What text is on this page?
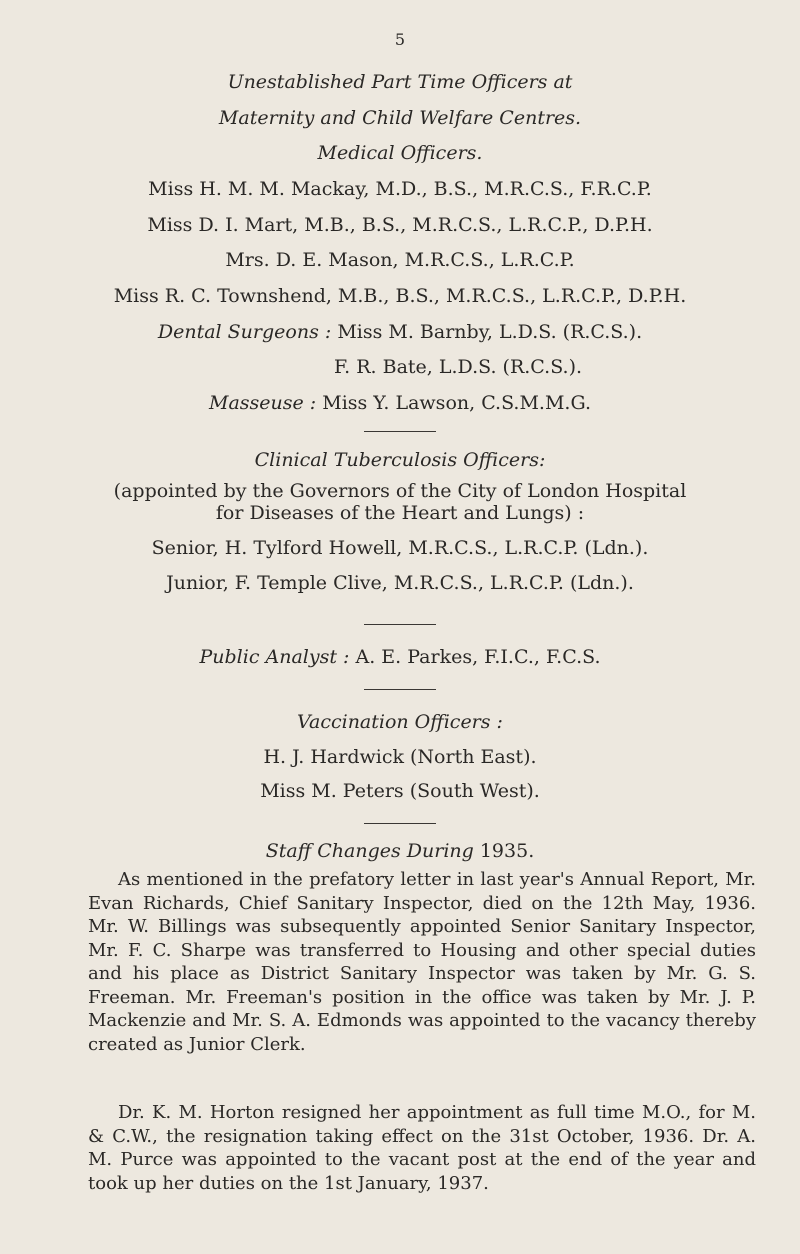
5
Unestablished Part Time Officers at
Maternity and Child Welfare Centres.
Medical Officers.
Miss H. M. M. Mackay, M.D., B.S., M.R.C.S., F.R.C.P.
Miss D. I. Mart, M.B., B.S., M.R.C.S., L.R.C.P., D.P.H.
Mrs. D. E. Mason, M.R.C.S., L.R.C.P.
Miss R. C. Townshend, M.B., B.S., M.R.C.S., L.R.C.P., D.P.H.
Dental Surgeons : Miss M. Barnby, L.D.S. (R.C.S.).
F. R. Bate, L.D.S. (R.C.S.).
Masseuse : Miss Y. Lawson, C.S.M.M.G.
Clinical Tuberculosis Officers:
(appointed by the Governors of the City of London Hospital
for Diseases of the Heart and Lungs) :
Senior, H. Tylford Howell, M.R.C.S., L.R.C.P. (Ldn.).
Junior, F. Temple Clive, M.R.C.S., L.R.C.P. (Ldn.).
Public Analyst : A. E. Parkes, F.I.C., F.C.S.
Vaccination Officers :
H. J. Hardwick (North East).
Miss M. Peters (South West).
Staff Changes During 1935.
As mentioned in the prefatory letter in last year's Annual Report, Mr. Evan Richards, Chief Sanitary Inspector, died on the 12th May, 1936. Mr. W. Billings was subsequently appointed Senior Sanitary Inspector, Mr. F. C. Sharpe was transferred to Housing and other special duties and his place as District Sanitary Inspector was taken by Mr. G. S. Freeman. Mr. Freeman's position in the office was taken by Mr. J. P. Mackenzie and Mr. S. A. Edmonds was appointed to the vacancy thereby created as Junior Clerk.
Dr. K. M. Horton resigned her appointment as full time M.O., for M. & C.W., the resignation taking effect on the 31st October, 1936. Dr. A. M. Purce was appointed to the vacant post at the end of the year and took up her duties on the 1st January, 1937.
